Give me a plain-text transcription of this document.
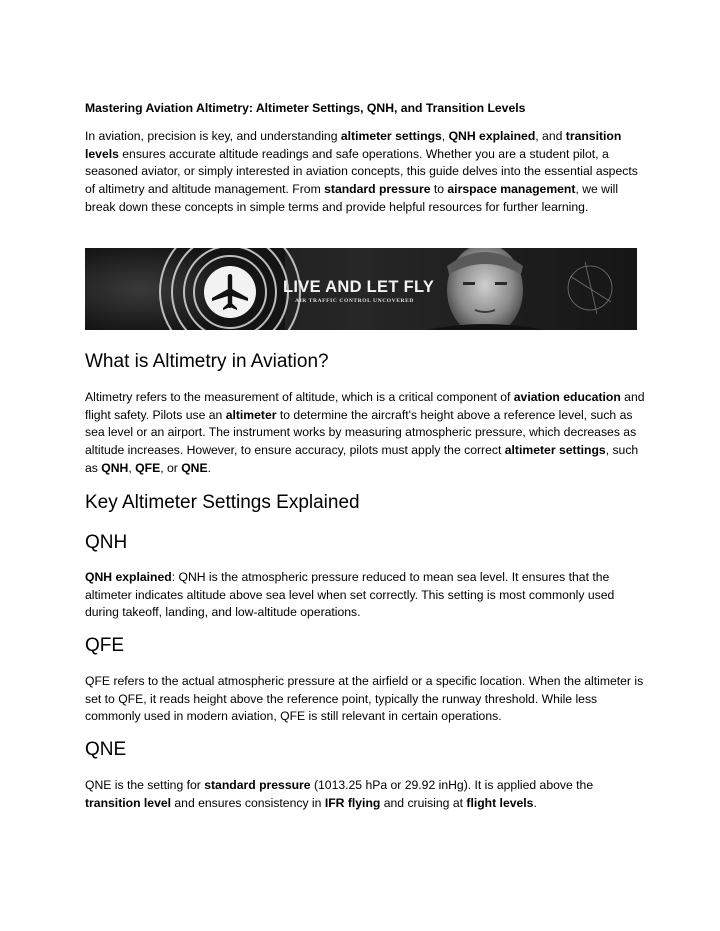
Mastering Aviation Altimetry: Altimeter Settings, QNH, and Transition Levels

In aviation, precision is key, and understanding altimeter settings, QNH explained, and transition levels ensures accurate altitude readings and safe operations. Whether you are a student pilot, a seasoned aviator, or simply interested in aviation concepts, this guide delves into the essential aspects of altimetry and altitude management. From standard pressure to airspace management, we will break down these concepts in simple terms and provide helpful resources for further learning.

LIVE AND LET FLY
AIR TRAFFIC CONTROL UNCOVERED
What is Altimetry in Aviation?

Altimetry refers to the measurement of altitude, which is a critical component of aviation education and flight safety. Pilots use an altimeter to determine the aircraft's height above a reference level, such as sea level or an airport. The instrument works by measuring atmospheric pressure, which decreases as altitude increases. However, to ensure accuracy, pilots must apply the correct altimeter settings, such as QNH, QFE, or QNE.

Key Altimeter Settings Explained
QNH

QNH explained: QNH is the atmospheric pressure reduced to mean sea level. It ensures that the altimeter indicates altitude above sea level when set correctly. This setting is most commonly used during takeoff, landing, and low-altitude operations.

QFE

QFE refers to the actual atmospheric pressure at the airfield or a specific location. When the altimeter is set to QFE, it reads height above the reference point, typically the runway threshold. While less commonly used in modern aviation, QFE is still relevant in certain operations.

QNE

QNE is the setting for standard pressure (1013.25 hPa or 29.92 inHg). It is applied above the transition level and ensures consistency in IFR flying and cruising at flight levels.
